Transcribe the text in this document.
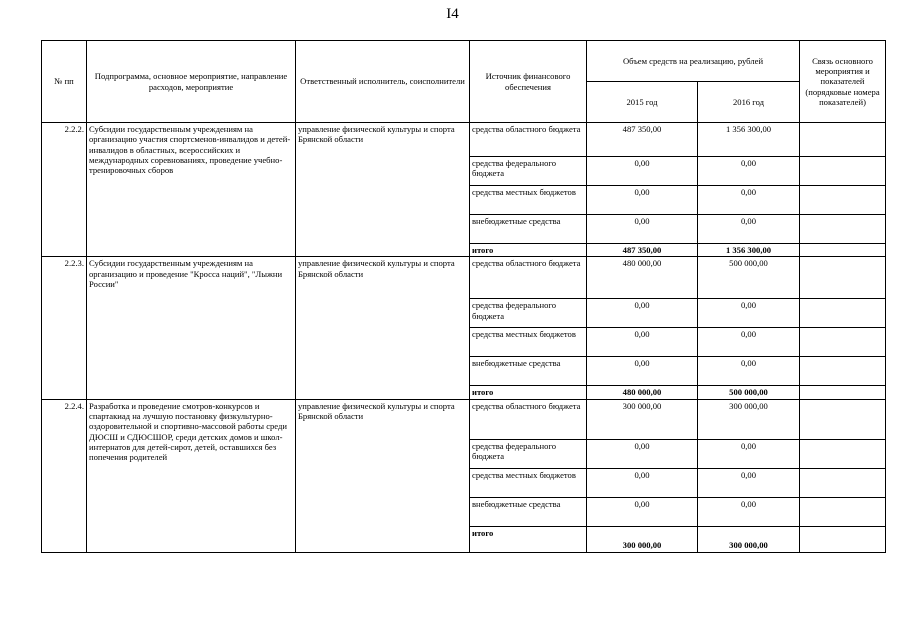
I4
№ пп	Подпрограмма, основное мероприятие, направление расходов, мероприятие	Ответственный исполнитель, соисполнители	Источник финансового обеспечения	Объем средств на реализацию, рублей		Связь основного мероприятия и показателей (порядковые номера показателей)
				2015 год	2016 год	
2.2.2.	Субсидии государственным учреждениям на организацию участия спортсменов-инвалидов и детей-инвалидов в областных, всероссийских и международных соревнованиях, проведение учебно-тренировочных сборов	управление физической культуры и спорта Брянской области	средства областного бюджета	487 350,00	1 356 300,00	
			средства федерального бюджета	0,00	0,00	
			средства местных бюджетов	0,00	0,00	
			внебюджетные средства	0,00	0,00	
			итого	487 350,00	1 356 300,00	
2.2.3.	Субсидии государственным учреждениям на организацию и проведение "Кросса наций", "Лыжни России"	управление физической культуры и спорта Брянской области	средства областного бюджета	480 000,00	500 000,00	
			средства федерального бюджета	0,00	0,00	
			средства местных бюджетов	0,00	0,00	
			внебюджетные средства	0,00	0,00	
			итого	480 000,00	500 000,00	
2.2.4.	Разработка и проведение смотров-конкурсов и спартакиад на лучшую постановку физкультурно-оздоровительной и спортивно-массовой работы среди ДЮСШ и СДЮСШОР, среди детских домов и школ-интернатов для детей-сирот, детей, оставшихся без попечения родителей	управление физической культуры и спорта Брянской области	средства областного бюджета	300 000,00	300 000,00	
			средства федерального бюджета	0,00	0,00	
			средства местных бюджетов	0,00	0,00	
			внебюджетные средства	0,00	0,00	
			итого	300 000,00	300 000,00	
